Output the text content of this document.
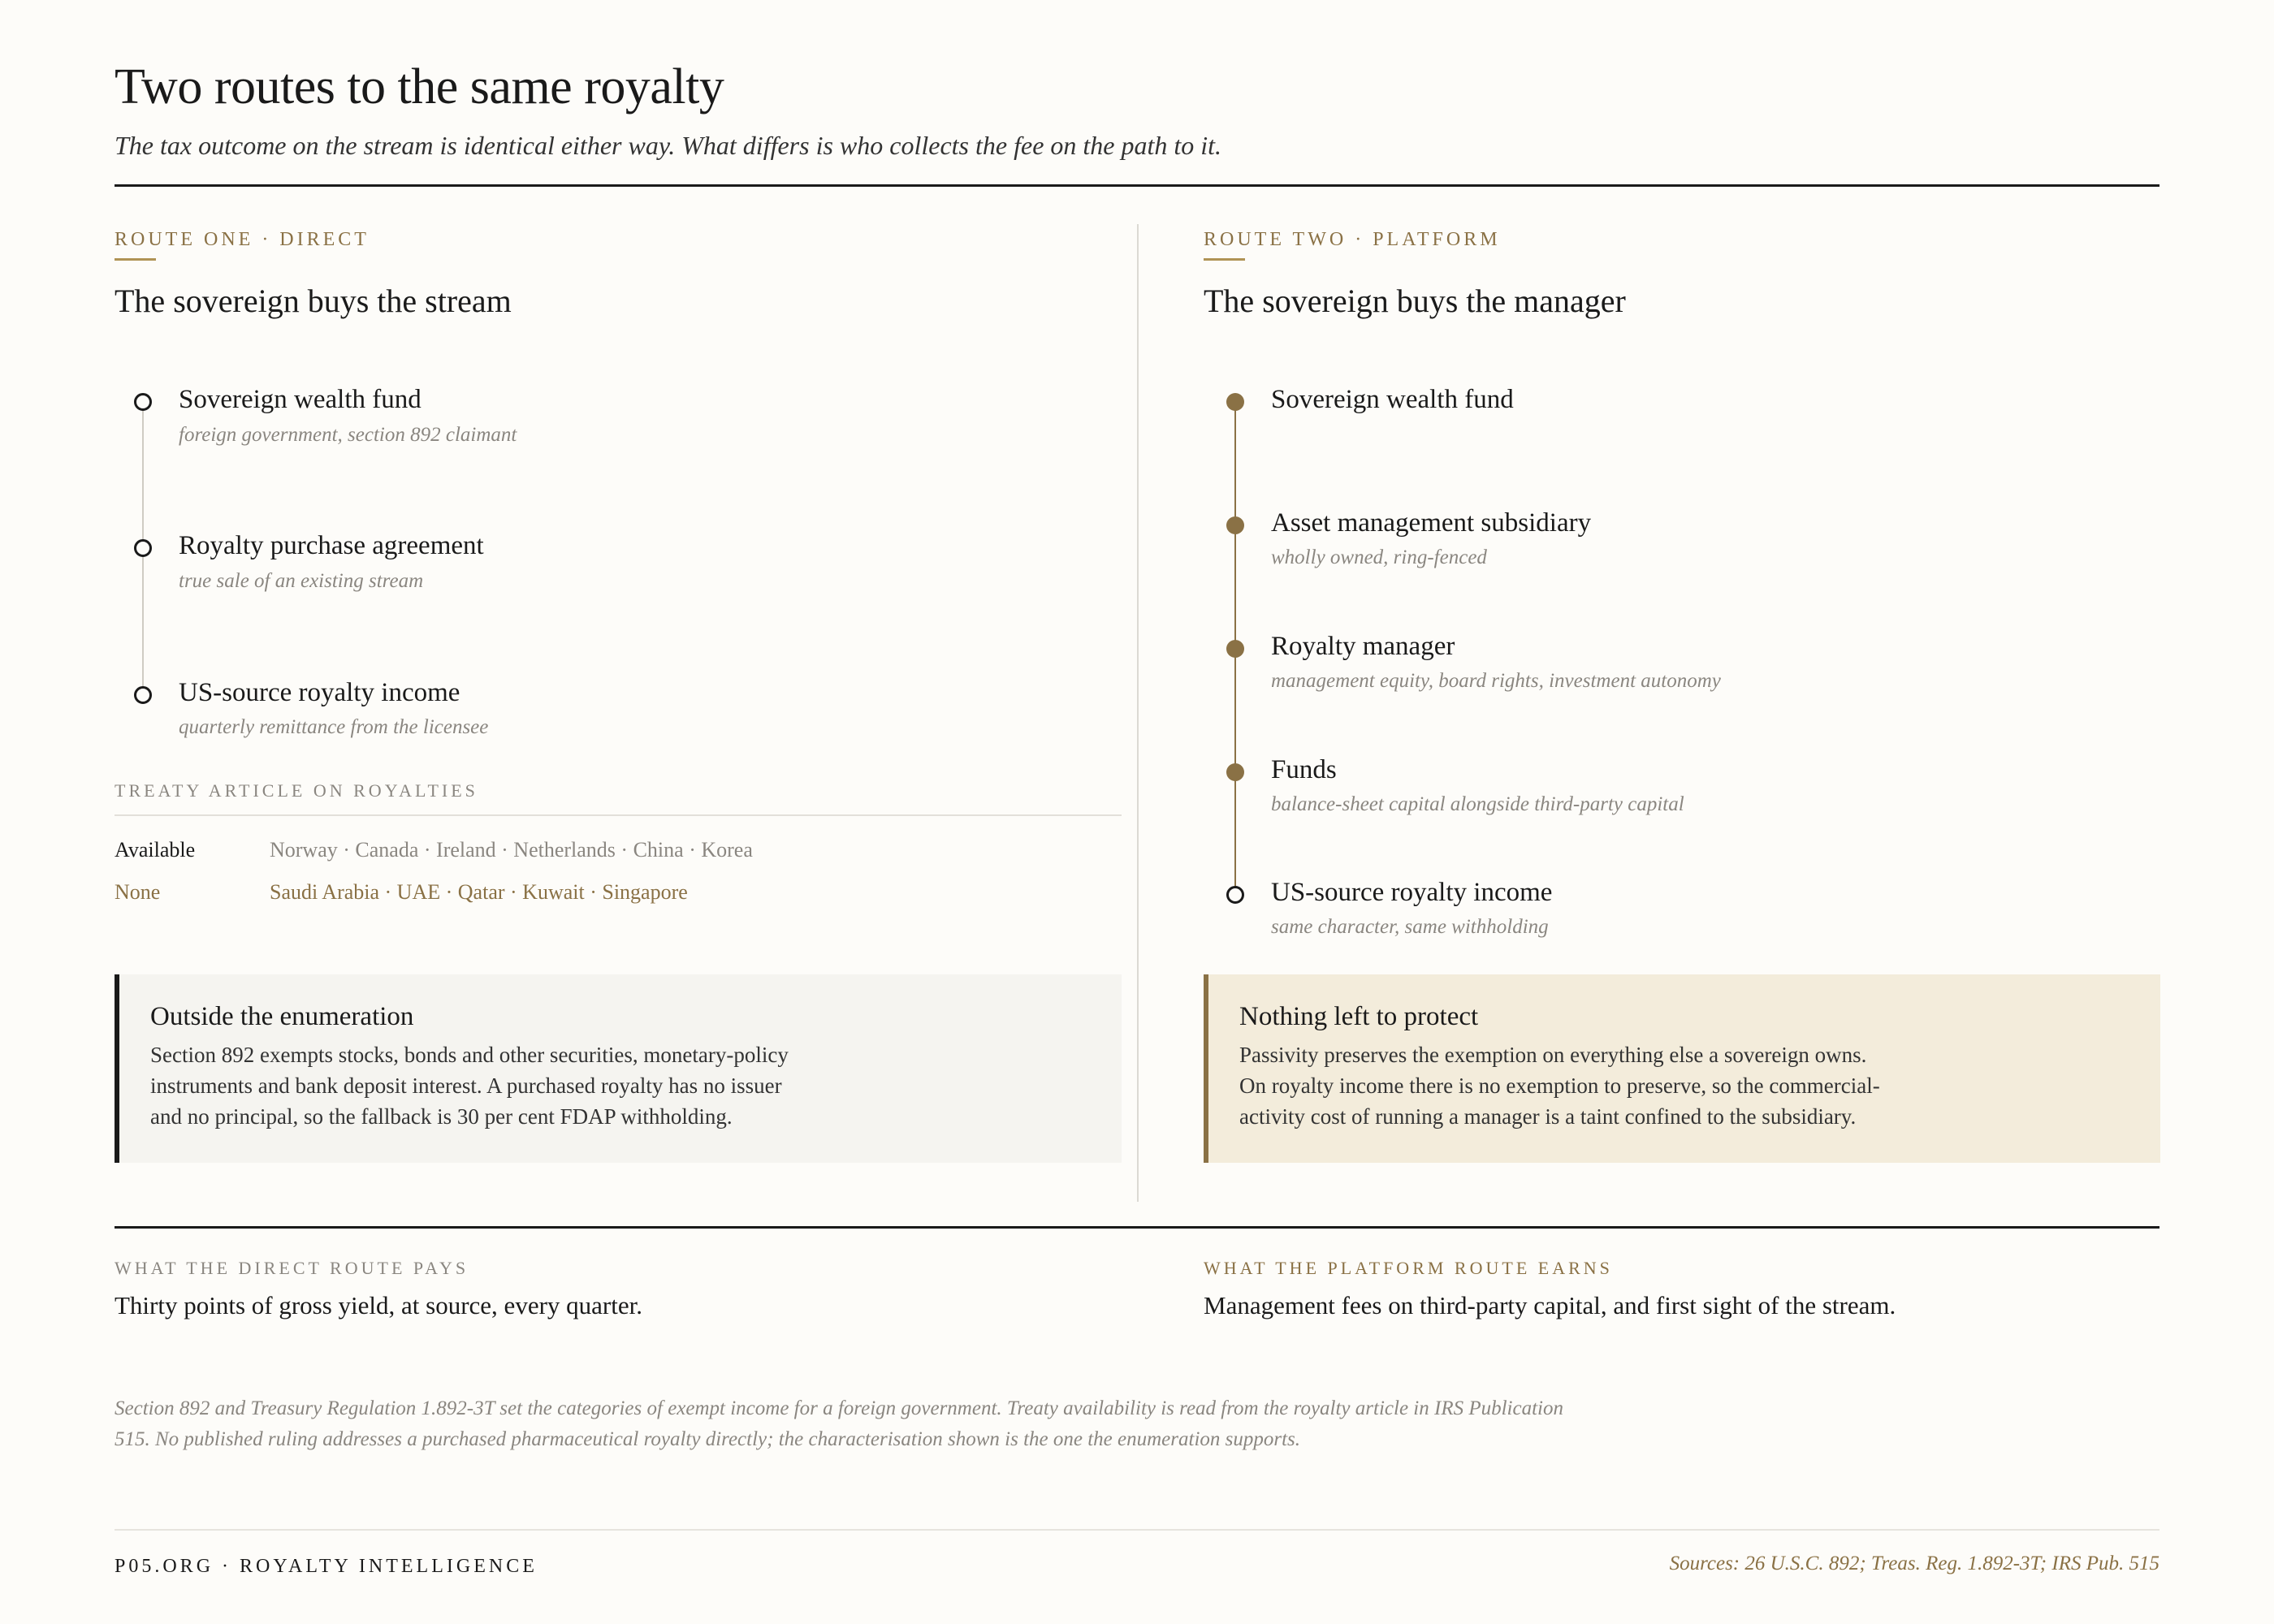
Two routes to the same royalty
The tax outcome on the stream is identical either way. What differs is who collects the fee on the path to it.
ROUTE ONE · DIRECT
The sovereign buys the stream
Sovereign wealth fund
foreign government, section 892 claimant
Royalty purchase agreement
true sale of an existing stream
US-source royalty income
quarterly remittance from the licensee
TREATY ARTICLE ON ROYALTIES
Available	Norway · Canada · Ireland · Netherlands · China · Korea
None	Saudi Arabia · UAE · Qatar · Kuwait · Singapore
Outside the enumeration
Section 892 exempts stocks, bonds and other securities, monetary-policy instruments and bank deposit interest. A purchased royalty has no issuer and no principal, so the fallback is 30 per cent FDAP withholding.
ROUTE TWO · PLATFORM
The sovereign buys the manager
Sovereign wealth fund
Asset management subsidiary
wholly owned, ring-fenced
Royalty manager
management equity, board rights, investment autonomy
Funds
balance-sheet capital alongside third-party capital
US-source royalty income
same character, same withholding
Nothing left to protect
Passivity preserves the exemption on everything else a sovereign owns. On royalty income there is no exemption to preserve, so the commercial-activity cost of running a manager is a taint confined to the subsidiary.
WHAT THE DIRECT ROUTE PAYS
Thirty points of gross yield, at source, every quarter.
WHAT THE PLATFORM ROUTE EARNS
Management fees on third-party capital, and first sight of the stream.

Section 892 and Treasury Regulation 1.892-3T set the categories of exempt income for a foreign government. Treaty availability is read from the royalty article in IRS Publication 515. No published ruling addresses a purchased pharmaceutical royalty directly; the characterisation shown is the one the enumeration supports.

P05.ORG · ROYALTY INTELLIGENCE	Sources: 26 U.S.C. 892; Treas. Reg. 1.892-3T; IRS Pub. 515
